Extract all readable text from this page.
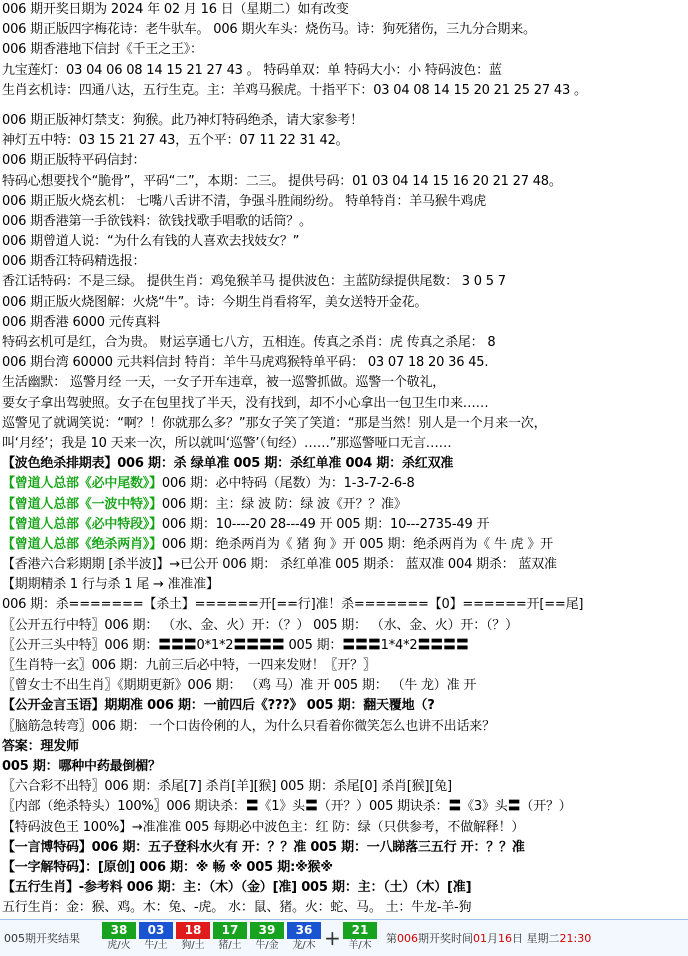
006 期开奖日期为 2024 年 02 月 16 日（星期二）如有改变
006 期正版四字梅花诗：老牛驮车。 006 期火车头：烧伤马。诗：狗死猪伤，三九分合期来。
006 期香港地下信封《千王之王》：
九宝莲灯：03 04 06 08 14 15 21 27 43 。 特码单双：单 特码大小：小 特码波色：蓝
生肖玄机诗：四通八达，五行生克。主：羊鸡马猴虎。十指平下：03 04 08 14 15 20 21 25 27 43 。
006 期正版神灯禁支：狗猴。此乃神灯特码绝杀，请大家参考！
神灯五中特：03 15 21 27 43，五个平：07 11 22 31 42。
006 期正版特平码信封：
特码心想要找个“脆骨”，平码“二”，本期：二三。 提供号码：01 03 04 14 15 16 20 21 27 48。
006 期正版火烧玄机： 七嘴八舌讲不清，争强斗胜闹纷纷。 特单特肖：羊马猴牛鸡虎
006 期香港第一手欲钱料：欲钱找歌手唱歌的话筒？。
006 期曾道人说：“为什么有钱的人喜欢去找妓女？”
006 期香江特码精选报：
香江话特码：不是三绿。 提供生肖：鸡兔猴羊马 提供波色：主蓝防绿提供尾数： 3 0 5 7
006 期正版火烧图解：火烧“牛”。诗：今期生肖看将军，美女送特开金花。
006 期香港 6000 元传真料
特码玄机可是红，合为贵。 财运享通七八方，五相连。传真之杀肖：虎 传真之杀尾： 8
006 期台湾 60000 元共料信封 特肖：羊牛马虎鸡猴特单平码： 03 07 18 20 36 45.
生活幽默： 巡警月经 一天，一女子开车违章，被一巡警抓做。巡警一个敬礼，
要女子拿出驾驶照。女子在包里找了半天，没有找到，却不小心拿出一包卫生巾来……
巡警见了就调笑说：“啊？！你就那么多？”那女子笑了笑道：“那是当然！别人是一个月来一次，
叫‘月经’；我是 10 天来一次，所以就叫‘巡警’（旬经）……”那巡警哑口无言……
【波色绝杀排期表】006 期：杀 绿单准 005 期：杀红单准 004 期：杀红双准
【曾道人总部《必中尾数》】006 期：必中特码（尾数）为：1-3-7-2-6-8
【曾道人总部《一波中特》】006 期：主：绿 波 防：绿 波《开？？准》
【曾道人总部《必中特段》】006 期：10----20 28---49 开 005 期：10---2735-49 开
【曾道人总部《绝杀两肖》】006 期：绝杀两肖为《 猪 狗 》开 005 期：绝杀两肖为《 牛 虎 》开
【香港六合彩期期 [杀半波]】→已公开 006 期： 杀红单准 005 期杀： 蓝双准 004 期杀： 蓝双准
【期期精杀 1 行与杀 1 尾 → 准准准】
006 期：杀=======【杀土】======开[==行]准！杀=======【0】======开[==尾]
〖公开五行中特〗006 期： （水、金、火）开：（？） 005 期： （水、金、火）开：（？）
〖公开三头中特〗006 期：〓〓〓0*1*2〓〓〓〓 005 期：〓〓〓1*4*2〓〓〓〓
〖生肖特一玄〗006 期：九前三后必中特，一四来发财！〖开？〗
〖曾女士不出生肖〗《期期更新》006 期： （鸡 马）准 开 005 期： （牛 龙）准 开
【公开金言玉语】期期准 006 期：一前四后《???》 005 期：翻天覆地（?
〖脑筋急转弯〗006 期： 一个口齿伶俐的人，为什么只看着你微笑怎么也讲不出话来？
答案：理发师
005 期：哪种中药最倒楣？
〖六合彩不出特〗006 期：杀尾[7] 杀肖[羊][猴] 005 期：杀尾[0] 杀肖[猴][兔]
〖内部（绝杀特头）100%〗006 期诀杀：〓《1》头〓（开？）005 期诀杀：〓《3》头〓（开？）
【特码波色王 100%】→准准准 005 每期必中波色主：红 防：绿（只供参考，不做解释！）
【一言博特码】006 期：五子登科水火有 开：？？准 005 期：一八睇落三五行 开：？？准
【一字解特码】：[原创] 006 期：※ 畅 ※ 005 期:※猴※
【五行生肖】-参考料 006 期：主：（木）（金）[准] 005 期：主：（土）（木）[准]
五行生肖：金：猴、鸡。木：兔、-虎。 水：鼠、猪。火：蛇、马。 土：牛龙-羊-狗
005期开奖结果
38
虎/火
03
牛/土
18
狗/土
17
猪/土
39
牛/金
36
龙/木 + 21
羊/木
第006期开奖时间01月16日 星期二21:30
